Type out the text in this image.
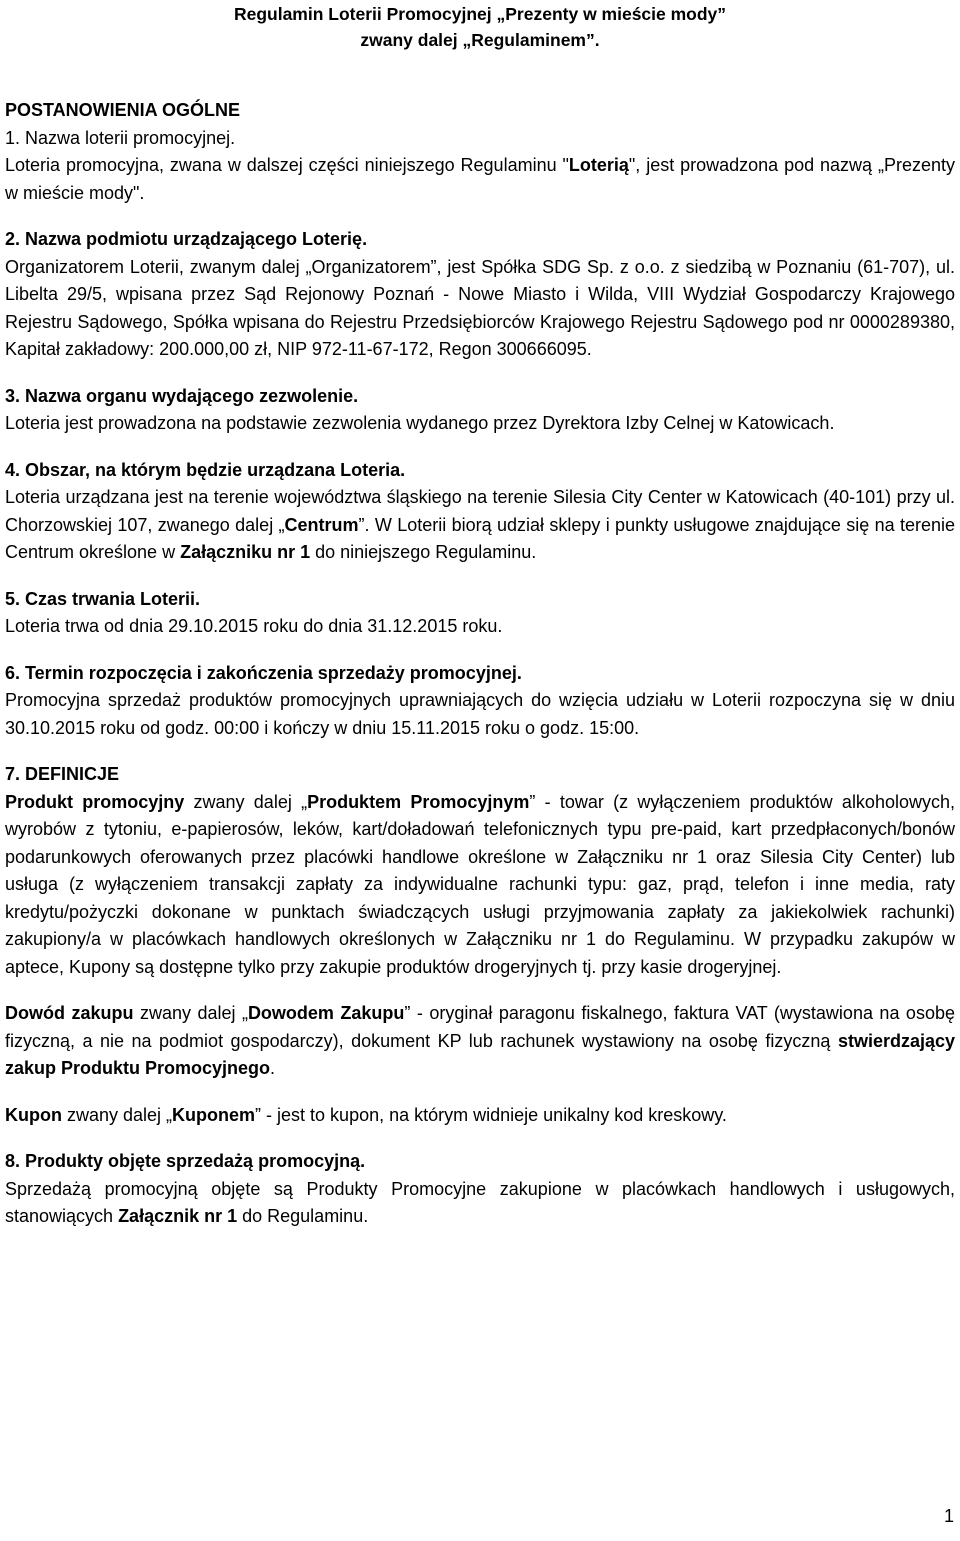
Regulamin Loterii Promocyjnej „Prezenty w mieście mody”
zwany dalej „Regulaminem”.

POSTANOWIENIA OGÓLNE

1. Nazwa loterii promocyjnej.

Loteria promocyjna, zwana w dalszej części niniejszego Regulaminu "Loterią", jest prowadzona pod nazwą „Prezenty w mieście mody".

2. Nazwa podmiotu urządzającego Loterię.

Organizatorem Loterii, zwanym dalej „Organizatorem”, jest Spółka SDG Sp. z o.o. z siedzibą w Poznaniu (61-707), ul. Libelta 29/5, wpisana przez Sąd Rejonowy Poznań - Nowe Miasto i Wilda, VIII Wydział Gospodarczy Krajowego Rejestru Sądowego, Spółka wpisana do Rejestru Przedsiębiorców Krajowego Rejestru Sądowego pod nr 0000289380, Kapitał zakładowy: 200.000,00 zł, NIP 972-11-67-172, Regon 300666095.

3. Nazwa organu wydającego zezwolenie.

Loteria jest prowadzona na podstawie zezwolenia wydanego przez Dyrektora Izby Celnej w Katowicach.

4. Obszar, na którym będzie urządzana Loteria.

Loteria urządzana jest na terenie województwa śląskiego na terenie Silesia City Center w Katowicach (40-101) przy ul. Chorzowskiej 107, zwanego dalej „Centrum”. W Loterii biorą udział sklepy i punkty usługowe znajdujące się na terenie Centrum określone w Załączniku nr 1 do niniejszego Regulaminu.

5. Czas trwania Loterii.

Loteria trwa od dnia 29.10.2015 roku do dnia 31.12.2015 roku.

6. Termin rozpoczęcia i zakończenia sprzedaży promocyjnej.

Promocyjna sprzedaż produktów promocyjnych uprawniających do wzięcia udziału w Loterii rozpoczyna się w dniu 30.10.2015 roku od godz. 00:00 i kończy w dniu 15.11.2015 roku o godz. 15:00.

7. DEFINICJE

Produkt promocyjny zwany dalej „Produktem Promocyjnym” - towar (z wyłączeniem produktów alkoholowych, wyrobów z tytoniu, e-papierosów, leków, kart/doładowań telefonicznych typu pre-paid, kart przedpłaconych/bonów podarunkowych oferowanych przez placówki handlowe określone w Załączniku nr 1 oraz Silesia City Center) lub usługa (z wyłączeniem transakcji zapłaty za indywidualne rachunki typu: gaz, prąd, telefon i inne media, raty kredytu/pożyczki dokonane w punktach świadczących usługi przyjmowania zapłaty za jakiekolwiek rachunki) zakupiony/a w placówkach handlowych określonych w Załączniku nr 1 do Regulaminu. W przypadku zakupów w aptece, Kupony są dostępne tylko przy zakupie produktów drogeryjnych tj. przy kasie drogeryjnej.

Dowód zakupu zwany dalej „Dowodem Zakupu” - oryginał paragonu fiskalnego, faktura VAT (wystawiona na osobę fizyczną, a nie na podmiot gospodarczy), dokument KP lub rachunek wystawiony na osobę fizyczną stwierdzający zakup Produktu Promocyjnego.

Kupon zwany dalej „Kuponem” - jest to kupon, na którym widnieje unikalny kod kreskowy.

8. Produkty objęte sprzedażą promocyjną.

Sprzedażą promocyjną objęte są Produkty Promocyjne zakupione w placówkach handlowych i usługowych, stanowiących Załącznik nr 1 do Regulaminu.

1
